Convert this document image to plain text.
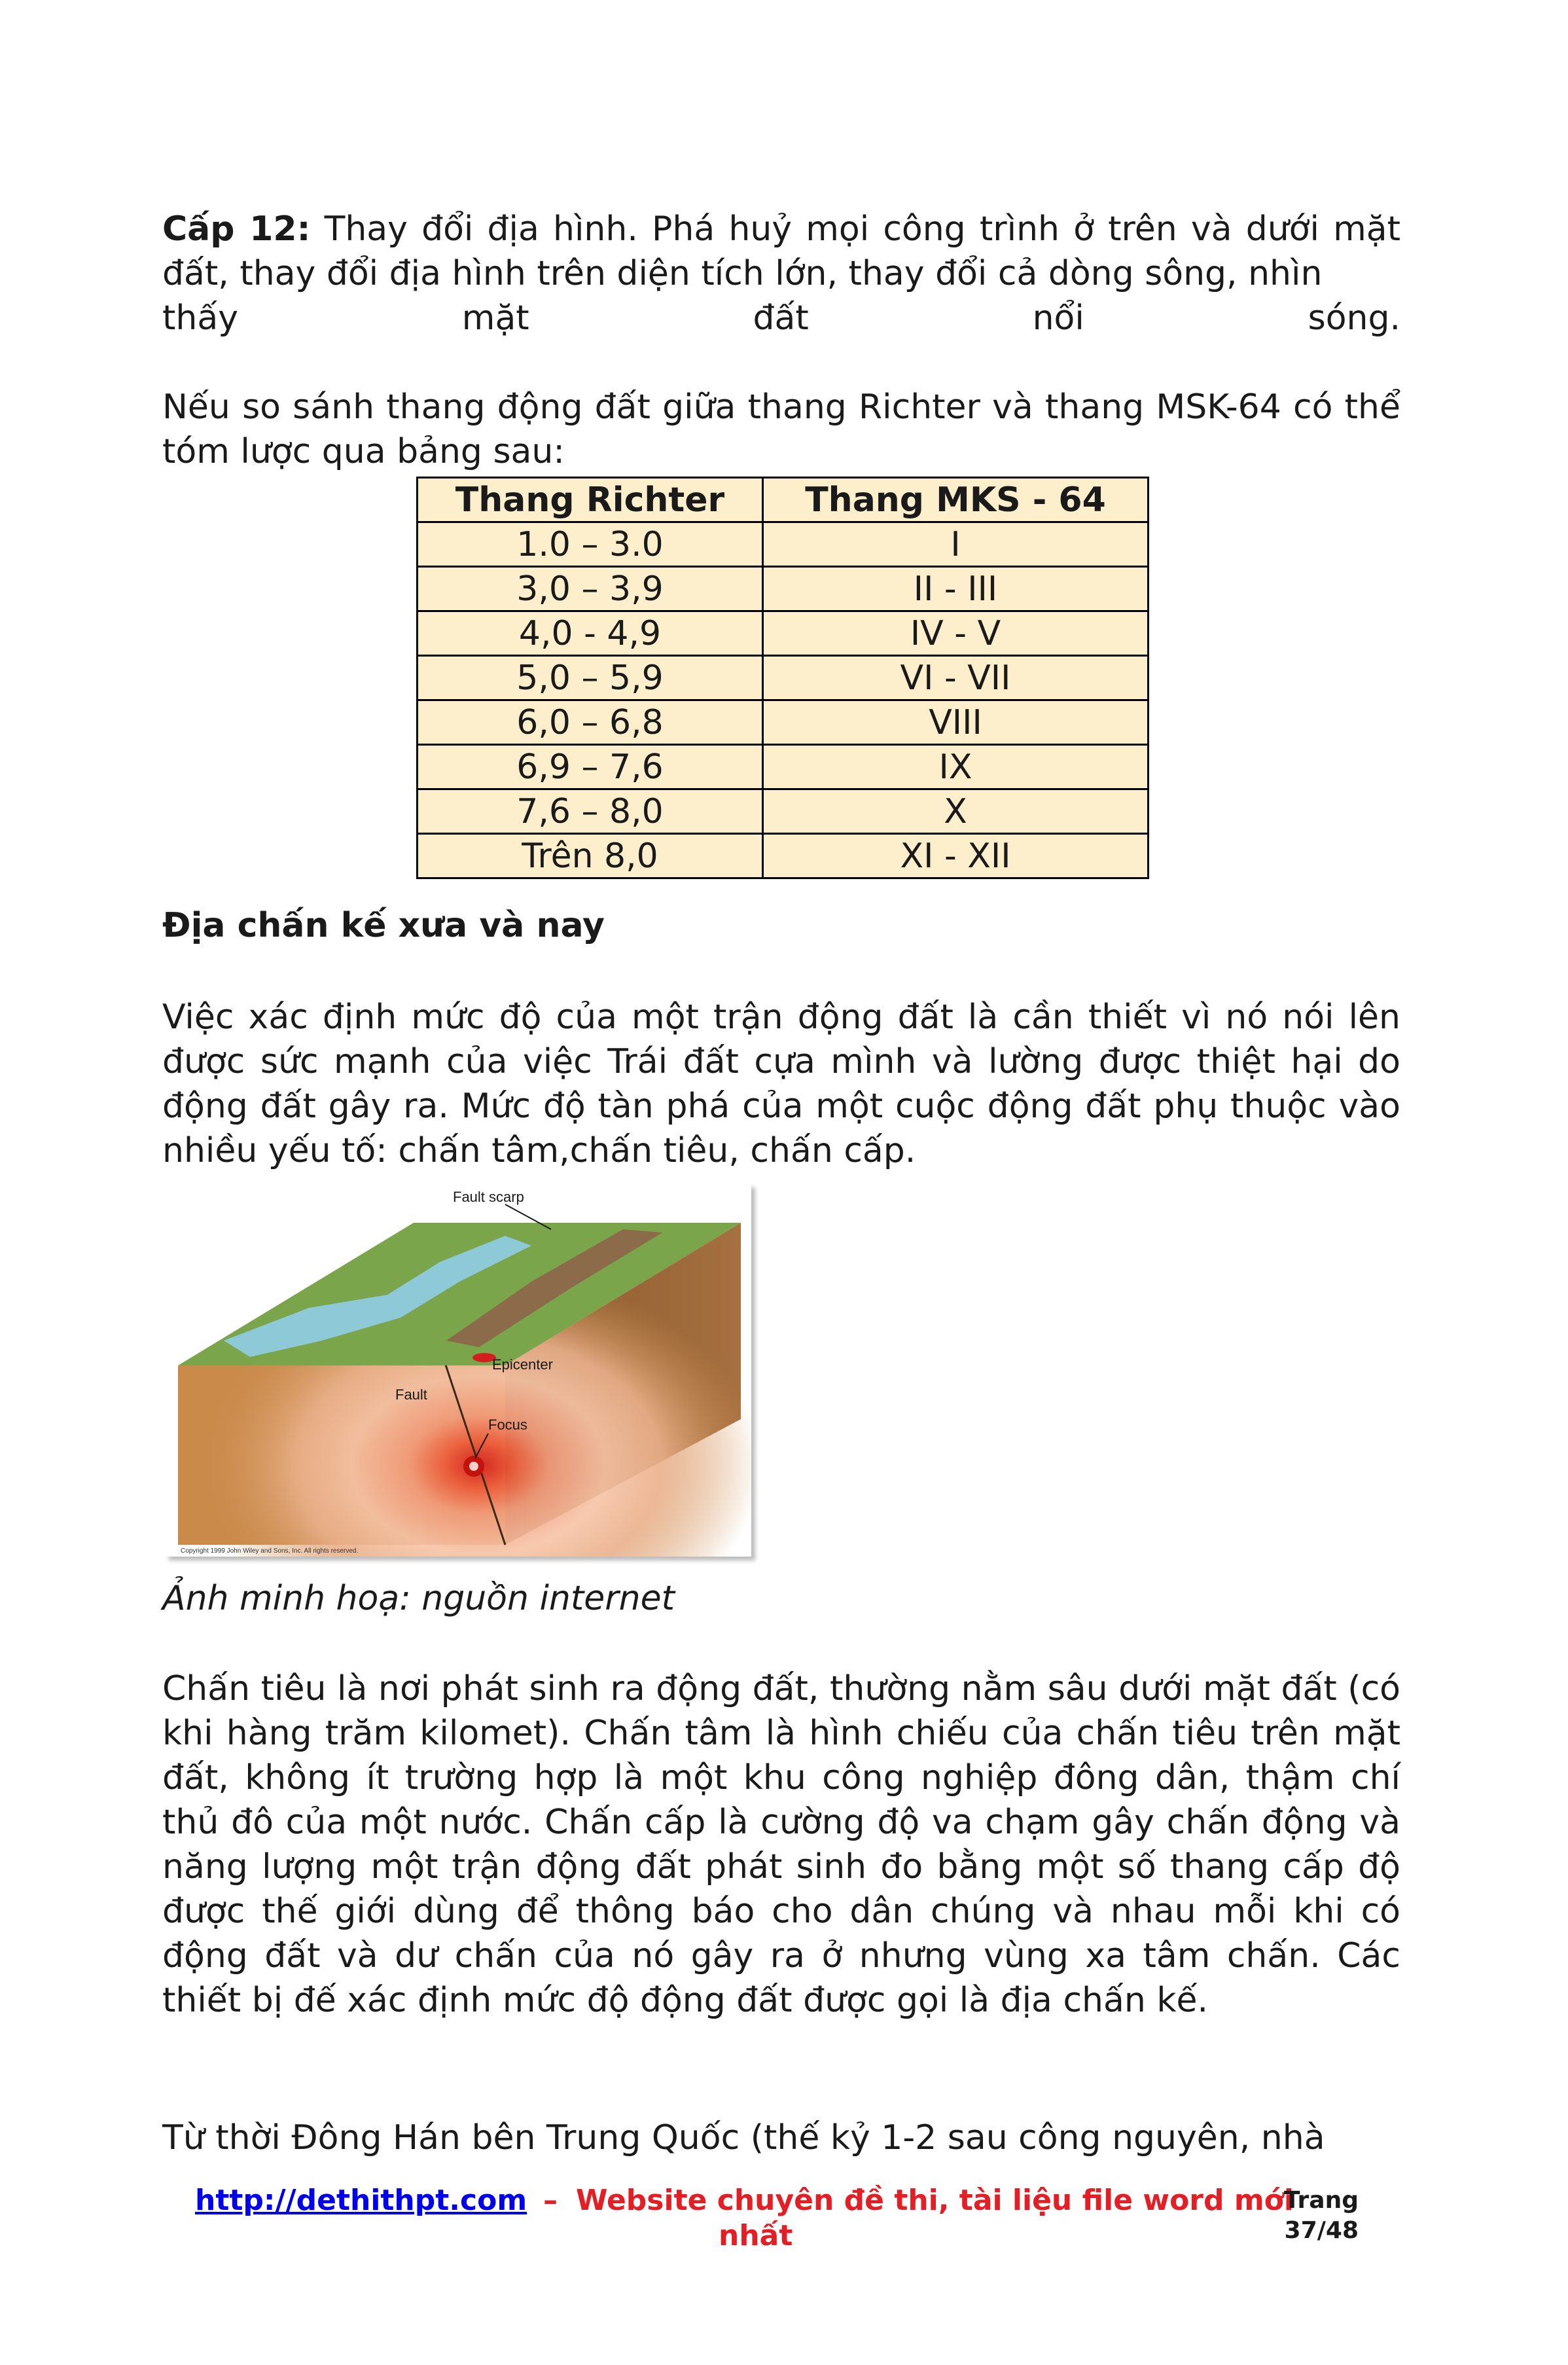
Cấp 12: Thay đổi địa hình. Phá huỷ mọi công trình ở trên và dưới mặt đất, thay đổi địa hình trên diện tích lớn, thay đổi cả dòng sông, nhìn

thấy mặt đất nổi sóng.

Nếu so sánh thang động đất giữa thang Richter và thang MSK-64 có thể tóm lược qua bảng sau:

Thang Richter	Thang MKS - 64
1.0 – 3.0	I
3,0 – 3,9	II - III
4,0 - 4,9	IV - V
5,0 – 5,9	VI - VII
6,0 – 6,8	VIII
6,9 – 7,6	IX
7,6 – 8,0	X
Trên 8,0	XI - XII

Địa chấn kế xưa và nay

Việc xác định mức độ của một trận động đất là cần thiết vì nó nói lên được sức mạnh của việc Trái đất cựa mình và lường được thiệt hại do động đất gây ra. Mức độ tàn phá của một cuộc động đất phụ thuộc vào nhiều yếu tố: chấn tâm,chấn tiêu, chấn cấp.

Fault scarp
Epicenter
Fault
Focus
Copyright 1999 John Wiley and Sons, Inc. All rights reserved.

Ảnh minh hoạ: nguồn internet

Chấn tiêu là nơi phát sinh ra động đất, thường nằm sâu dưới mặt đất (có khi hàng trăm kilomet). Chấn tâm là hình chiếu của chấn tiêu trên mặt đất, không ít trường hợp là một khu công nghiệp đông dân, thậm chí thủ đô của một nước. Chấn cấp là cường độ va chạm gây chấn động và năng lượng một trận động đất phát sinh đo bằng một số thang cấp độ được thế giới dùng để thông báo cho dân chúng và nhau mỗi khi có động đất và dư chấn của nó gây ra ở nhưng vùng xa tâm chấn. Các thiết bị đế xác định mức độ động đất được gọi là địa chấn kế.

Từ thời Đông Hán bên Trung Quốc (thế kỷ 1-2 sau công nguyên, nhà

http://dethithpt.com – Website chuyên đề thi, tài liệu file word mới
nhất
Trang
37/48
